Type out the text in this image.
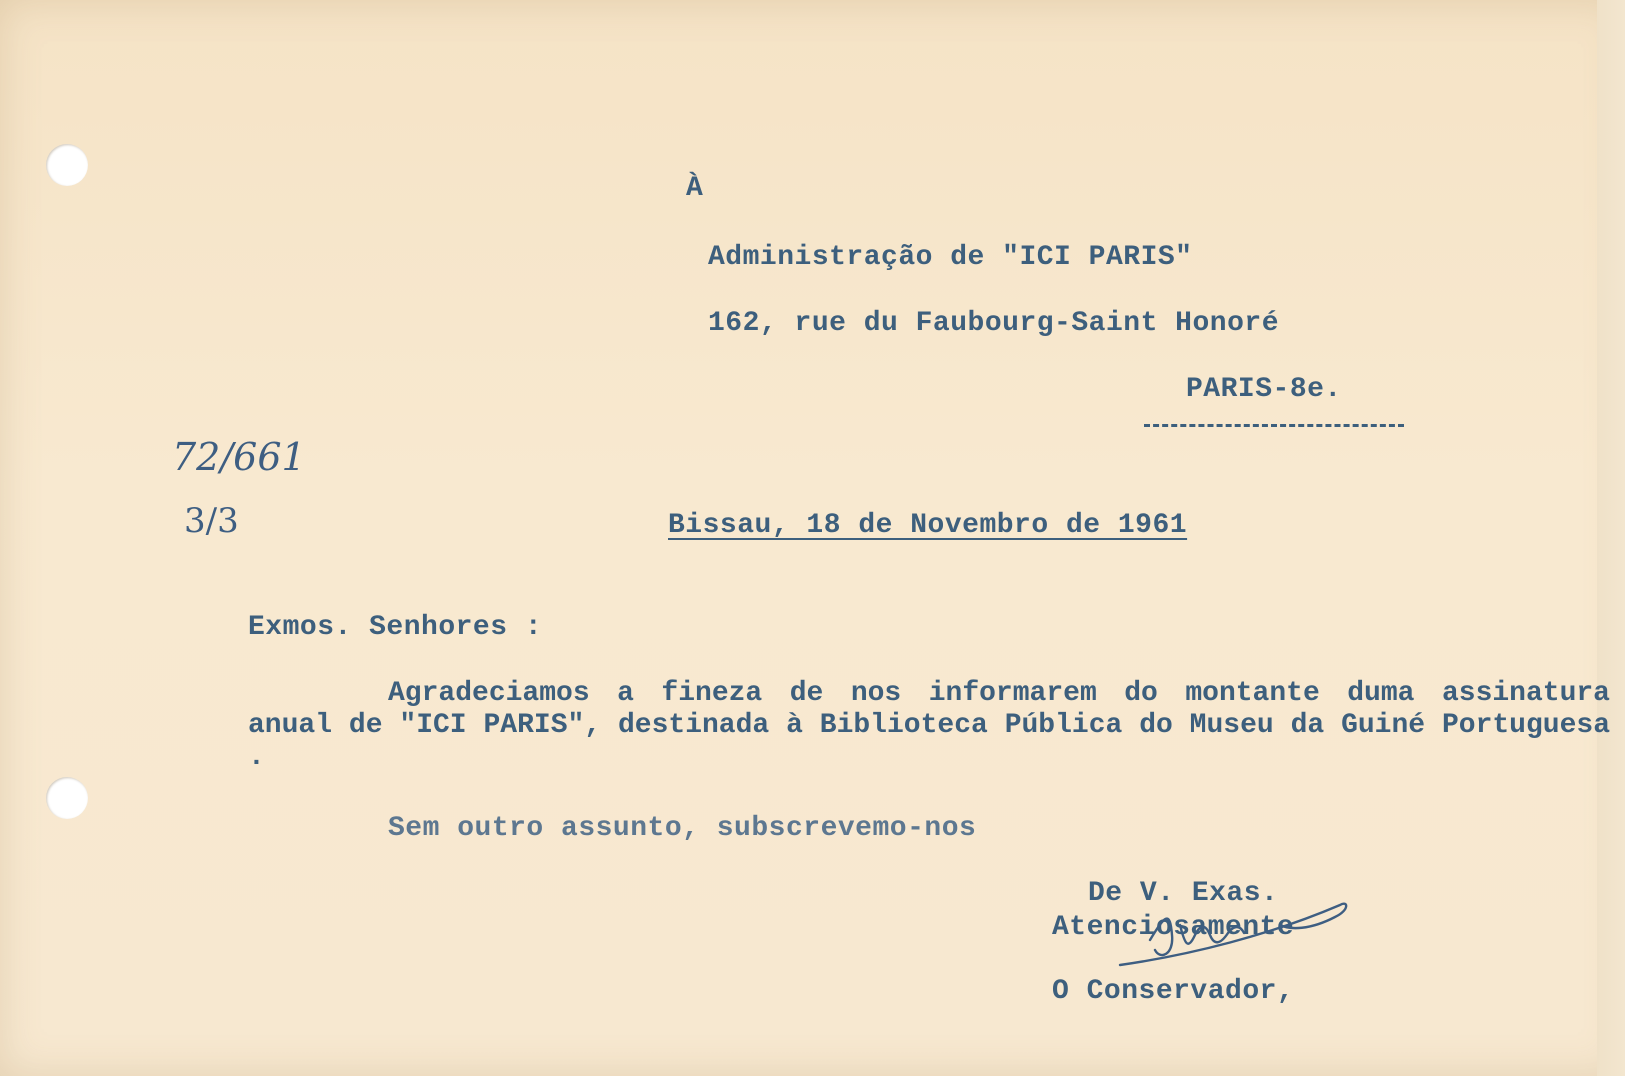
À

Administração de "ICI PARIS"

162, rue du Faubourg-Saint Honoré

PARIS-8e.

72/661

3/3	Bissau, 18 de Novembro de 1961

Exmos. Senhores :

Agradeciamos a fineza de nos informarem do montante duma assinatura anual de "ICI PARIS", destinada à Biblioteca Pública do Museu da Guiné Portuguesa .

Sem outro assunto, subscrevemo-nos

De V. Exas.

Atenciosamente

O Conservador,
